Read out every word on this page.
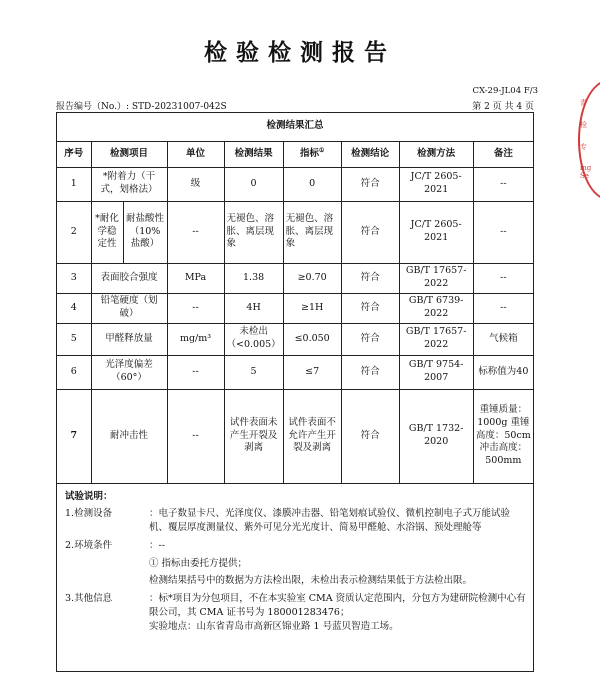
检验检测报告
CX-29-JL04 F/3
报告编号（No.）: STD-20231007-042S	第 2 页 共 4 页	青
检
专
ing Se
检测结果汇总								
序号	检测项目		单位	检测结果	指标①	检测结论	检测方法	备注
1	*附着力（干式，划格法）		级	0	0	符合	JC/T 2605-2021	--
2	*耐化学稳定性	耐盐酸性（10%盐酸）	--	无褪色、溶胀、离层现象	无褪色、溶胀、离层现象	符合	JC/T 2605-2021	--
3	表面胶合强度		MPa	1.38	≥0.70	符合	GB/T 17657-2022	--
4	铅笔硬度（划破）		--	4H	≥1H	符合	GB/T 6739-2022	--
5	甲醛释放量		mg/m³	未检出（<0.005）	≤0.050	符合	GB/T 17657-2022	气候箱
6	光泽度偏差（60°）		--	5	≤7	符合	GB/T 9754-2007	标称值为40
7	耐冲击性		--	试件表面未产生开裂及剥离	试件表面不允许产生开裂及剥离	符合	GB/T 1732-2020	重锤质量：1000g 重锤高度：50cm 冲击高度：500mm
试验说明：
1.检测设备	：电子数显卡尺、光泽度仪、漆膜冲击器、铅笔划痕试验仪、微机控制电子式万能试验机、覆层厚度测量仪、紫外可见分光光度计、简易甲醛舱、水浴锅、预处理舱等
2.环境条件	：--
① 指标由委托方提供；
检测结果括号中的数据为方法检出限，未检出表示检测结果低于方法检出限。
3.其他信息	：标*项目为分包项目，不在本实验室 CMA 资质认定范围内，分包方为建研院检测中心有限公司，其 CMA 证书号为 180001283476；
实验地点：山东省青岛市高新区锦业路 1 号蓝贝智造工场。
